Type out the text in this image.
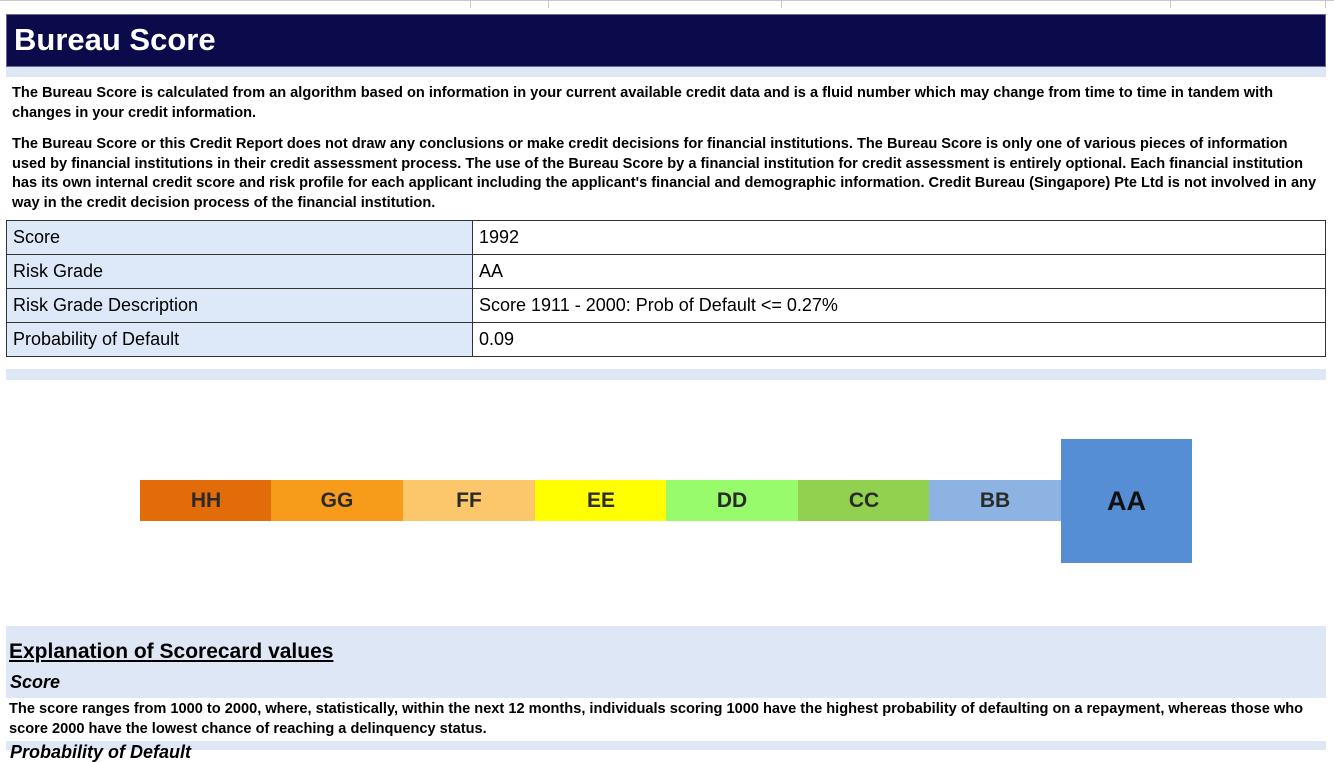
Bureau Score

The Bureau Score is calculated from an algorithm based on information in your current available credit data and is a fluid number which may change from time to time in tandem with changes in your credit information.

The Bureau Score or this Credit Report does not draw any conclusions or make credit decisions for financial institutions. The Bureau Score is only one of various pieces of information used by financial institutions in their credit assessment process. The use of the Bureau Score by a financial institution for credit assessment is entirely optional. Each financial institution has its own internal credit score and risk profile for each applicant including the applicant's financial and demographic information. Credit Bureau (Singapore) Pte Ltd is not involved in any way in the credit decision process of the financial institution.

Score	1992
Risk Grade	AA
Risk Grade Description	Score 1911 - 2000: Prob of Default <= 0.27%
Probability of Default	0.09
HH	GG	FF	EE	DD	CC	BB	AA
Explanation of Scorecard values
Score

The score ranges from 1000 to 2000, where, statistically, within the next 12 months, individuals scoring 1000 have the highest probability of defaulting on a repayment, whereas those who score 2000 have the lowest chance of reaching a delinquency status.

Probability of Default
